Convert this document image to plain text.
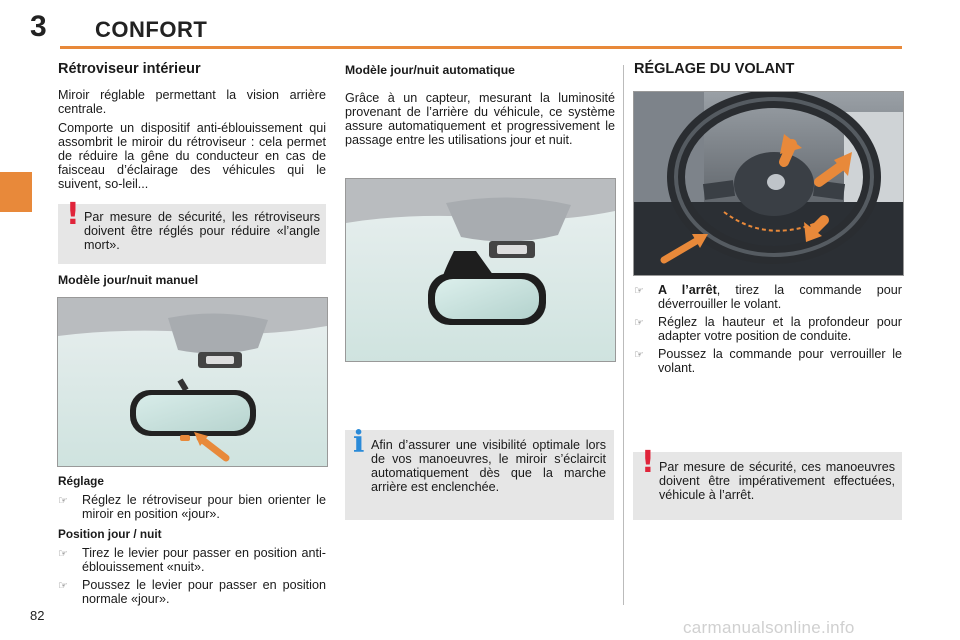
3 CONFORT
Rétroviseur intérieur

Miroir réglable permettant la vision arrière centrale.

Comporte un dispositif anti-éblouissement qui assombrit le miroir du rétroviseur : cela permet de réduire la gêne du conducteur en cas de faisceau d’éclairage des véhicules qui le suivent, so-leil...

! Par mesure de sécurité, les rétroviseurs doivent être réglés pour réduire «l’angle mort».
Modèle jour/nuit manuel
Réglage
☞	Réglez le rétroviseur pour bien orienter le miroir en position «jour».
Position jour / nuit
☞	Tirez le levier pour passer en position anti-éblouissement «nuit».
☞	Poussez le levier pour passer en position normale «jour».
Modèle jour/nuit automatique

Grâce à un capteur, mesurant la luminosité provenant de l’arrière du véhicule, ce système assure automatiquement et progressivement le passage entre les utilisations jour et nuit.

i Afin d’assurer une visibilité optimale lors de vos manoeuvres, le miroir s’éclaircit automatiquement dès que la marche arrière est enclenchée.
RÉGLAGE DU VOLANT
☞	A l’arrêt, tirez la commande pour déverrouiller le volant.
☞	Réglez la hauteur et la profondeur pour adapter votre position de conduite.
☞	Poussez la commande pour verrouiller le volant.
! Par mesure de sécurité, ces manoeuvres doivent être impérativement effectuées, véhicule à l’arrêt.
82
carmanualsonline.info
